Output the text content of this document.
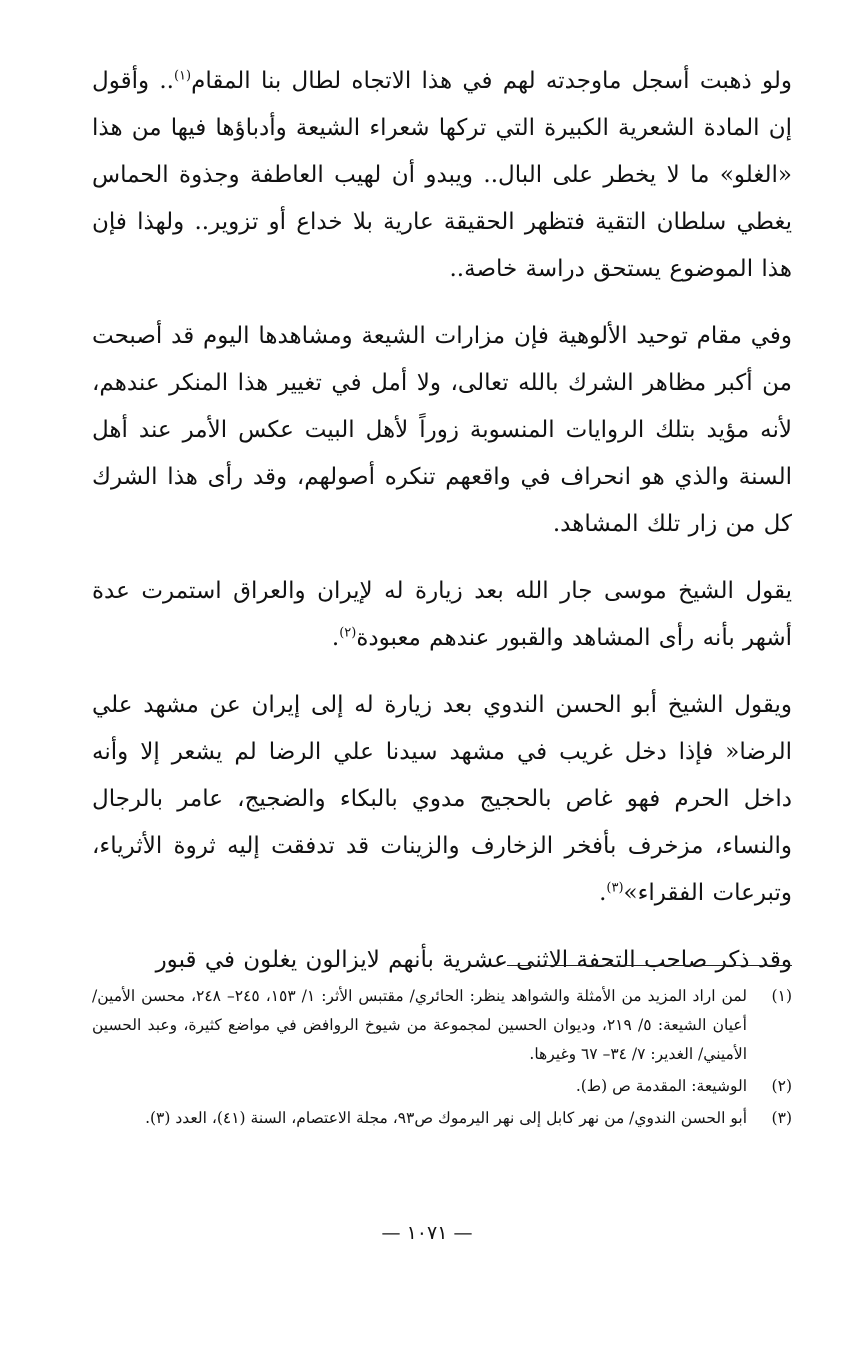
ولو ذهبت أسجل ماوجدته لهم في هذا الاتجاه لطال بنا المقام$^{(١)}$.. وأقول إن المادة الشعرية الكبيرة التي تركها شعراء الشيعة وأدباؤها فيها من هذا «الغلو» ما لا يخطر على البال.. ويبدو أن لهيب العاطفة وجذوة الحماس يغطي سلطان التقية فتظهر الحقيقة عارية بلا خداع أو تزوير.. ولهذا فإن هذا الموضوع يستحق دراسة خاصة..

وفي مقام توحيد الألوهية فإن مزارات الشيعة ومشاهدها اليوم قد أصبحت من أكبر مظاهر الشرك بالله تعالى، ولا أمل في تغيير هذا المنكر عندهم، لأنه مؤيد بتلك الروايات المنسوبة زوراً لأهل البيت عكس الأمر عند أهل السنة والذي هو انحراف في واقعهم تنكره أصولهم، وقد رأى هذا الشرك كل من زار تلك المشاهد.

يقول الشيخ موسى جار الله بعد زيارة له لإيران والعراق استمرت عدة أشهر بأنه رأى المشاهد والقبور عندهم معبودة$^{(٢)}$.

ويقول الشيخ أبو الحسن الندوي بعد زيارة له إلى إيران عن مشهد علي الرضا« فإذا دخل غريب في مشهد سيدنا علي الرضا لم يشعر إلا وأنه داخل الحرم فهو غاص بالحجيج مدوي بالبكاء والضجيج، عامر بالرجال والنساء، مزخرف بأفخر الزخارف والزينات قد تدفقت إليه ثروة الأثرياء، وتبرعات الفقراء»$^{(٣)}$.

وقد ذكر صاحب التحفة الاثنى عشرية بأنهم لايزالون يغلون في قبور

(١)
لمن اراد المزيد من الأمثلة والشواهد ينظر: الحائري/ مقتبس الأثر: ١/ ١٥٣، ٢٤٥– ٢٤٨، محسن الأمين/ أعيان الشيعة: ٥/ ٢١٩، وديوان الحسين لمجموعة من شيوخ الروافض في مواضع كثيرة، وعبد الحسين الأميني/ الغدير: ٧/ ٣٤– ٦٧ وغيرها.
(٢)
الوشيعة: المقدمة ص (ط).
(٣)
أبو الحسن الندوي/ من نهر كابل إلى نهر اليرموك ص٩٣، مجلة الاعتصام، السنة (٤١)، العدد (٣).
— ١٠٧١ —
